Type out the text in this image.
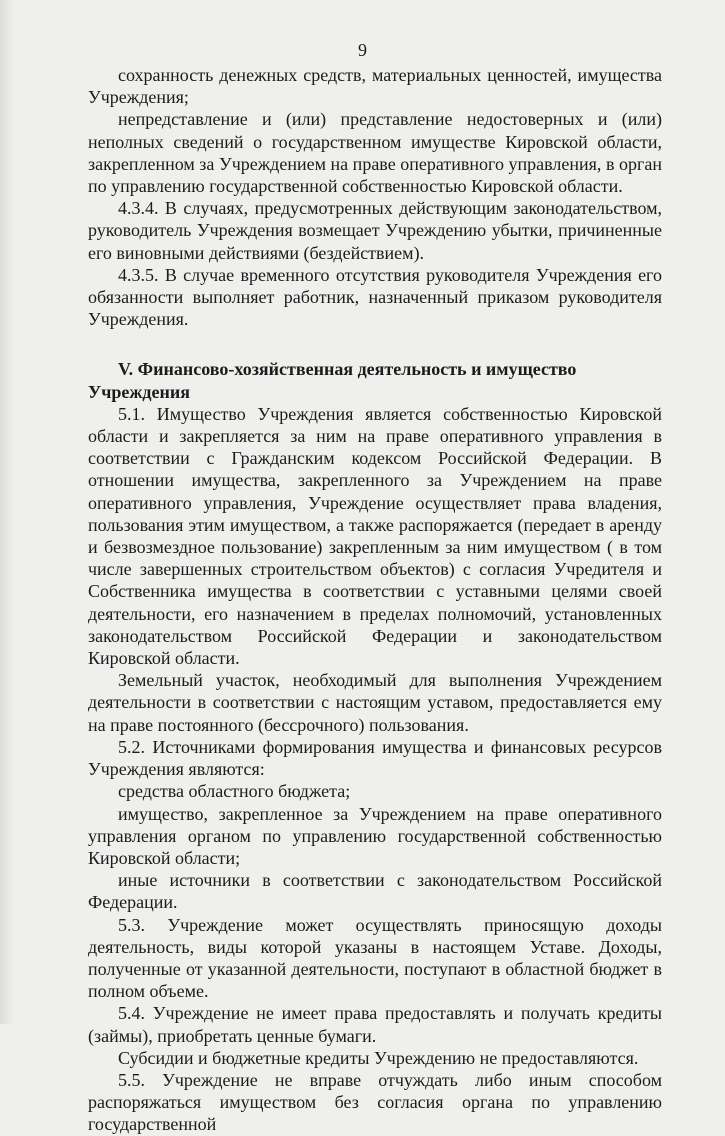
9

сохранность денежных средств, материальных ценностей, имущества Учреждения;

непредставление и (или) представление недостоверных и (или) неполных сведений о государственном имуществе Кировской области, закрепленном за Учреждением на праве оперативного управления, в орган по управлению государственной собственностью Кировской области.

4.3.4. В случаях, предусмотренных действующим законодательством, руководитель Учреждения возмещает Учреждению убытки, причиненные его виновными действиями (бездействием).

4.3.5. В случае временного отсутствия руководителя Учреждения его обязанности выполняет работник, назначенный приказом руководителя Учреждения.

V. Финансово-хозяйственная деятельность и имущество Учреждения

5.1. Имущество Учреждения является собственностью Кировской области и закрепляется за ним на праве оперативного управления в соответствии с Гражданским кодексом Российской Федерации. В отношении имущества, закрепленного за Учреждением на праве оперативного управления, Учреждение осуществляет права владения, пользования этим имуществом, а также распоряжается (передает в аренду и безвозмездное пользование) закрепленным за ним имуществом ( в том числе завершенных строительством объектов) с согласия Учредителя и Собственника имущества в соответствии с уставными целями своей деятельности, его назначением в пределах полномочий, установленных законодательством Российской Федерации и законодательством Кировской области.

Земельный участок, необходимый для выполнения Учреждением деятельности в соответствии с настоящим уставом, предоставляется ему на праве постоянного (бессрочного) пользования.

5.2. Источниками формирования имущества и финансовых ресурсов Учреждения являются:

средства областного бюджета;

имущество, закрепленное за Учреждением на праве оперативного управления органом по управлению государственной собственностью Кировской области;

иные источники в соответствии с законодательством Российской Федерации.

5.3. Учреждение может осуществлять приносящую доходы деятельность, виды которой указаны в настоящем Уставе. Доходы, полученные от указанной деятельности, поступают в областной бюджет в полном объеме.

5.4. Учреждение не имеет права предоставлять и получать кредиты (займы), приобретать ценные бумаги.

Субсидии и бюджетные кредиты Учреждению не предоставляются.

5.5. Учреждение не вправе отчуждать либо иным способом распоряжаться имуществом без согласия органа по управлению государственной
